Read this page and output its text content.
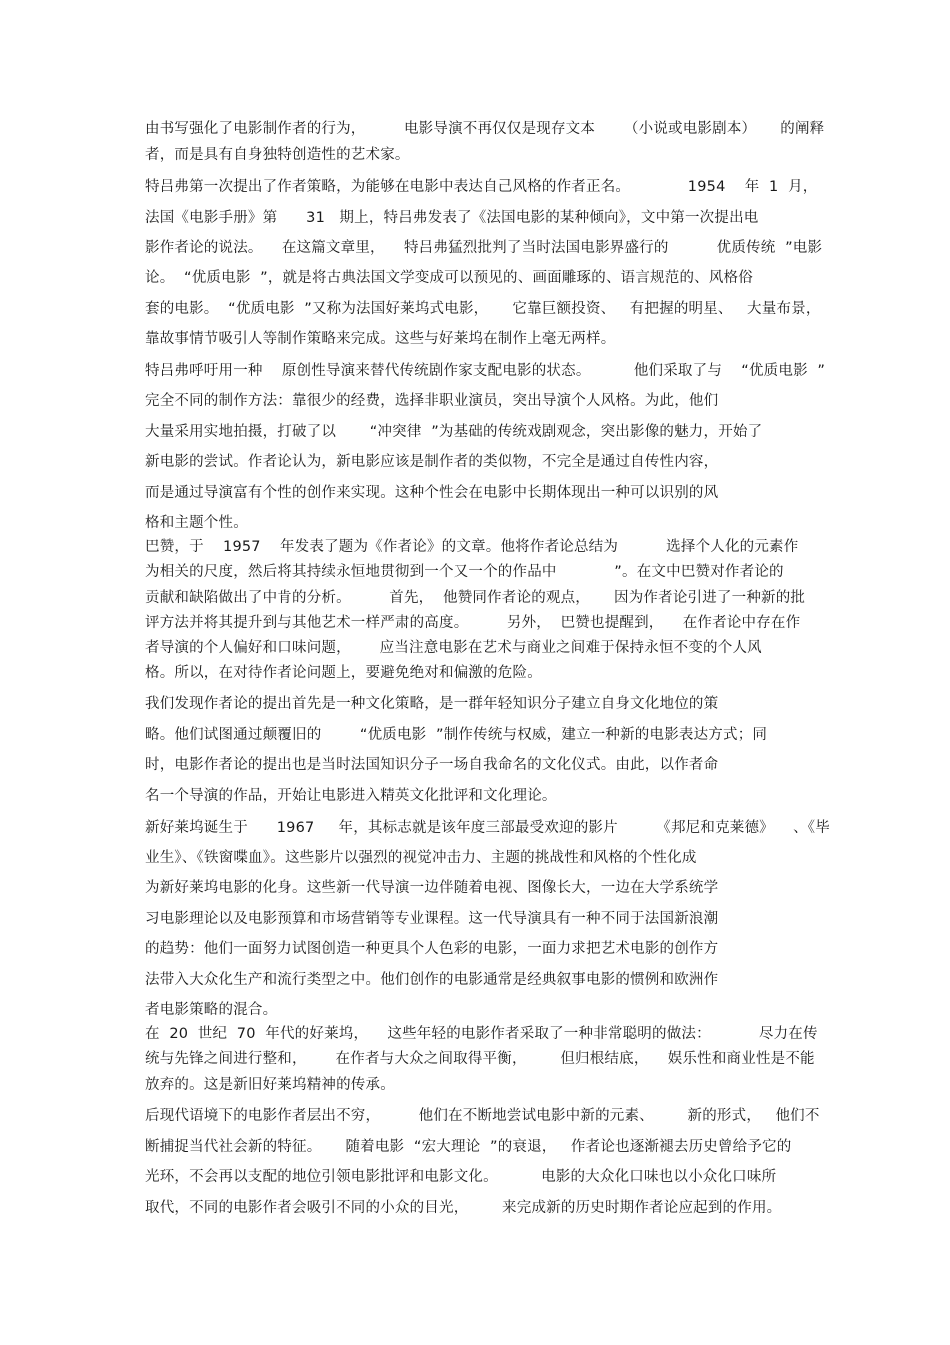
由书写强化了电影制作者的行为，        电影导演不再仅仅是现存文本      （小说或电影剧本）     的阐释
者，而是具有自身独特创造性的艺术家。
特吕弗第一次提出了作者策略，为能够在电影中表达自己风格的作者正名。            1954    年  1  月，
法国《电影手册》第      31   期上，特吕弗发表了《法国电影的某种倾向》，文中第一次提出电
影作者论的说法。    在这篇文章里，    特吕弗猛烈批判了当时法国电影界盛行的          优质传统  ”电影
论。  “优质电影  ”，就是将古典法国文学变成可以预见的、画面雕琢的、语言规范的、风格俗
套的电影。  “优质电影  ”又称为法国好莱坞式电影，     它靠巨额投资、   有把握的明星、   大量布景，
靠故事情节吸引人等制作策略来完成。这些与好莱坞在制作上毫无两样。
特吕弗呼吁用一种    原创性导演来替代传统剧作家支配电影的状态。         他们采取了与    “优质电影  ”
完全不同的制作方法：靠很少的经费，选择非职业演员，突出导演个人风格。为此，他们
大量采用实地拍摄，打破了以       “冲突律  ”为基础的传统戏剧观念，突出影像的魅力，开始了
新电影的尝试。作者论认为，新电影应该是制作者的类似物，不完全是通过自传性内容，
而是通过导演富有个性的创作来实现。这种个性会在电影中长期体现出一种可以识别的风
格和主题个性。
巴赞，于    1957    年发表了题为《作者论》的文章。他将作者论总结为          选择个人化的元素作
为相关的尺度，然后将其持续永恒地贯彻到一个又一个的作品中            ”。在文中巴赞对作者论的
贡献和缺陷做出了中肯的分析。        首先，  他赞同作者论的观点，     因为作者论引进了一种新的批
评方法并将其提升到与其他艺术一样严肃的高度。        另外，  巴赞也提醒到，    在作者论中存在作
者导演的个人偏好和口味问题，      应当注意电影在艺术与商业之间难于保持永恒不变的个人风
格。所以，在对待作者论问题上，要避免绝对和偏激的危险。
我们发现作者论的提出首先是一种文化策略，是一群年轻知识分子建立自身文化地位的策
略。他们试图通过颠覆旧的        “优质电影  ”制作传统与权威，建立一种新的电影表达方式；同
时，电影作者论的提出也是当时法国知识分子一场自我命名的文化仪式。由此，以作者命
名一个导演的作品，开始让电影进入精英文化批评和文化理论。
新好莱坞诞生于      1967     年，其标志就是该年度三部最受欢迎的影片        《邦尼和克莱德》    、《毕
业生》、《铁窗喋血》。这些影片以强烈的视觉冲击力、主题的挑战性和风格的个性化成
为新好莱坞电影的化身。这些新一代导演一边伴随着电视、图像长大，一边在大学系统学
习电影理论以及电影预算和市场营销等专业课程。这一代导演具有一种不同于法国新浪潮
的趋势：他们一面努力试图创造一种更具个人色彩的电影，一面力求把艺术电影的创作方
法带入大众化生产和流行类型之中。他们创作的电影通常是经典叙事电影的惯例和欧洲作
者电影策略的混合。
在  20  世纪  70  年代的好莱坞，    这些年轻的电影作者采取了一种非常聪明的做法：          尽力在传
统与先锋之间进行整和，      在作者与大众之间取得平衡，       但归根结底，    娱乐性和商业性是不能
放弃的。这是新旧好莱坞精神的传承。
后现代语境下的电影作者层出不穷，        他们在不断地尝试电影中新的元素、       新的形式，   他们不
断捕捉当代社会新的特征。     随着电影  “宏大理论  ”的衰退，   作者论也逐渐褪去历史曾给予它的
光环，不会再以支配的地位引领电影批评和电影文化。         电影的大众化口味也以小众化口味所
取代，不同的电影作者会吸引不同的小众的目光，       来完成新的历史时期作者论应起到的作用。
